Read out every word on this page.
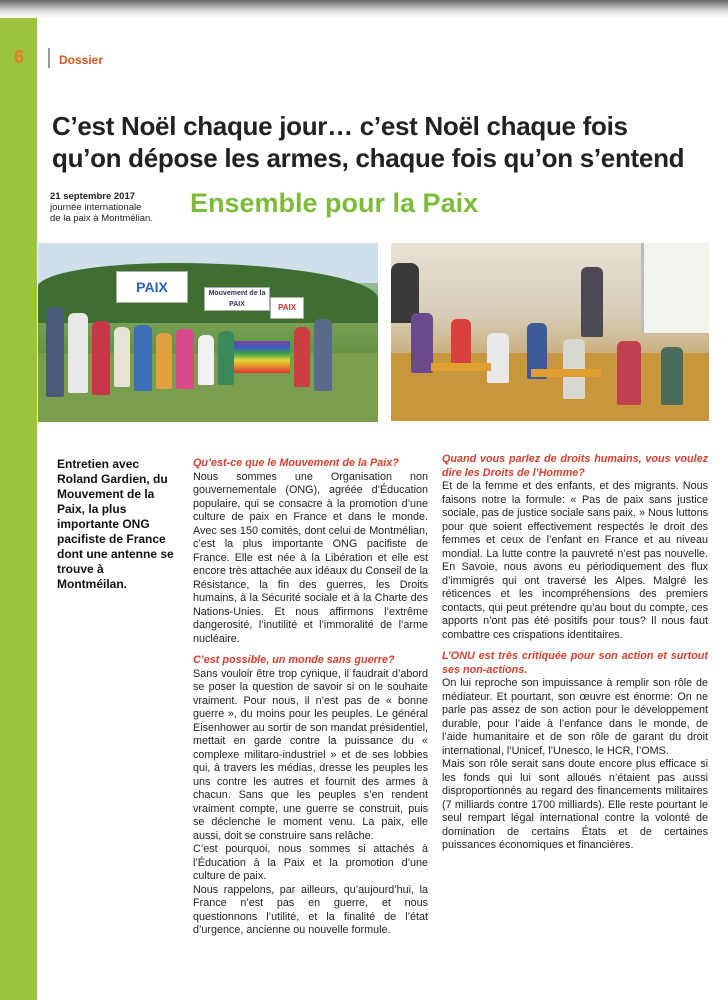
6	Dossier
C’est Noël chaque jour… c’est Noël chaque fois qu’on dépose les armes, chaque fois qu’on s’entend
21 septembre 2017
journée internationale
de la paix à Montmélian.
Ensemble pour la Paix
PAIX	Mouvement de la PAIX	PAIX
Entretien avec Roland Gardien, du Mouvement de la Paix, la plus importante ONG pacifiste de France dont une antenne se trouve à Montméilan.

Qu’est-ce que le Mouvement de la Paix?

Nous sommes une Organisation non gouvernementale (ONG), agréée d’Éducation populaire, qui se consacre à la promotion d’une culture de paix en France et dans le monde. Avec ses 150 comités, dont celui de Montmélian, c’est la plus importante ONG pacifiste de France. Elle est née à la Libération et elle est encore très attachée aux idéaux du Conseil de la Résistance, la fin des guerres, les Droits humains, à la Sécurité sociale et à la Charte des Nations-Unies. Et nous affirmons l’extrême dangerosité, l’inutilité et l’immoralité de l’arme nucléaire.

C’est possible, un monde sans guerre?

Sans vouloir être trop cynique, il faudrait d’abord se poser la question de savoir si on le souhaite vraiment. Pour nous, il n’est pas de « bonne guerre », du moins pour les peuples. Le général Eisenhower au sortir de son mandat présidentiel, mettait en garde contre la puissance du « complexe militaro-industriel » et de ses lobbies qui, à travers les médias, dresse les peuples les uns contre les autres et fournit des armes à chacun. Sans que les peuples s’en rendent vraiment compte, une guerre se construit, puis se déclenche le moment venu. La paix, elle aussi, doit se construire sans relâche.

C’est pourquoi, nous sommes si attachés à l’Éducation à la Paix et la promotion d’une culture de paix.

Nous rappelons, par ailleurs, qu’aujourd’hui, la France n’est pas en guerre, et nous questionnons l’utilité, et la finalité de l’état d’urgence, ancienne ou nouvelle formule.

Quand vous parlez de droits humains, vous voulez dire les Droits de l’Homme?

Et de la femme et des enfants, et des migrants. Nous faisons notre la formule: « Pas de paix sans justice sociale, pas de justice sociale sans paix. » Nous luttons pour que soient effectivement respectés le droit des femmes et ceux de l’enfant en France et au niveau mondial. La lutte contre la pauvreté n’est pas nouvelle. En Savoie, nous avons eu périodiquement des flux d’immigrés qui ont traversé les Alpes. Malgré les réticences et les incompréhensions des premiers contacts, qui peut prétendre qu’au bout du compte, ces apports n’ont pas été positifs pour tous? Il nous faut combattre ces crispations identitaires.

L’ONU est très critiquée pour son action et surtout ses non-actions.

On lui reproche son impuissance à remplir son rôle de médiateur. Et pourtant, son œuvre est énorme: On ne parle pas assez de son action pour le développement durable, pour l’aide à l’enfance dans le monde, de l’aide humanitaire et de son rôle de garant du droit international, l’Unicef, l’Unesco, le HCR, l’OMS.

Mais son rôle serait sans doute encore plus efficace si les fonds qui lui sont alloués n’étaient pas aussi disproportionnés au regard des financements militaires (7 milliards contre 1700 milliards). Elle reste pourtant le seul rempart légal international contre la volonté de domination de certains États et de certaines puissances économiques et financières.
